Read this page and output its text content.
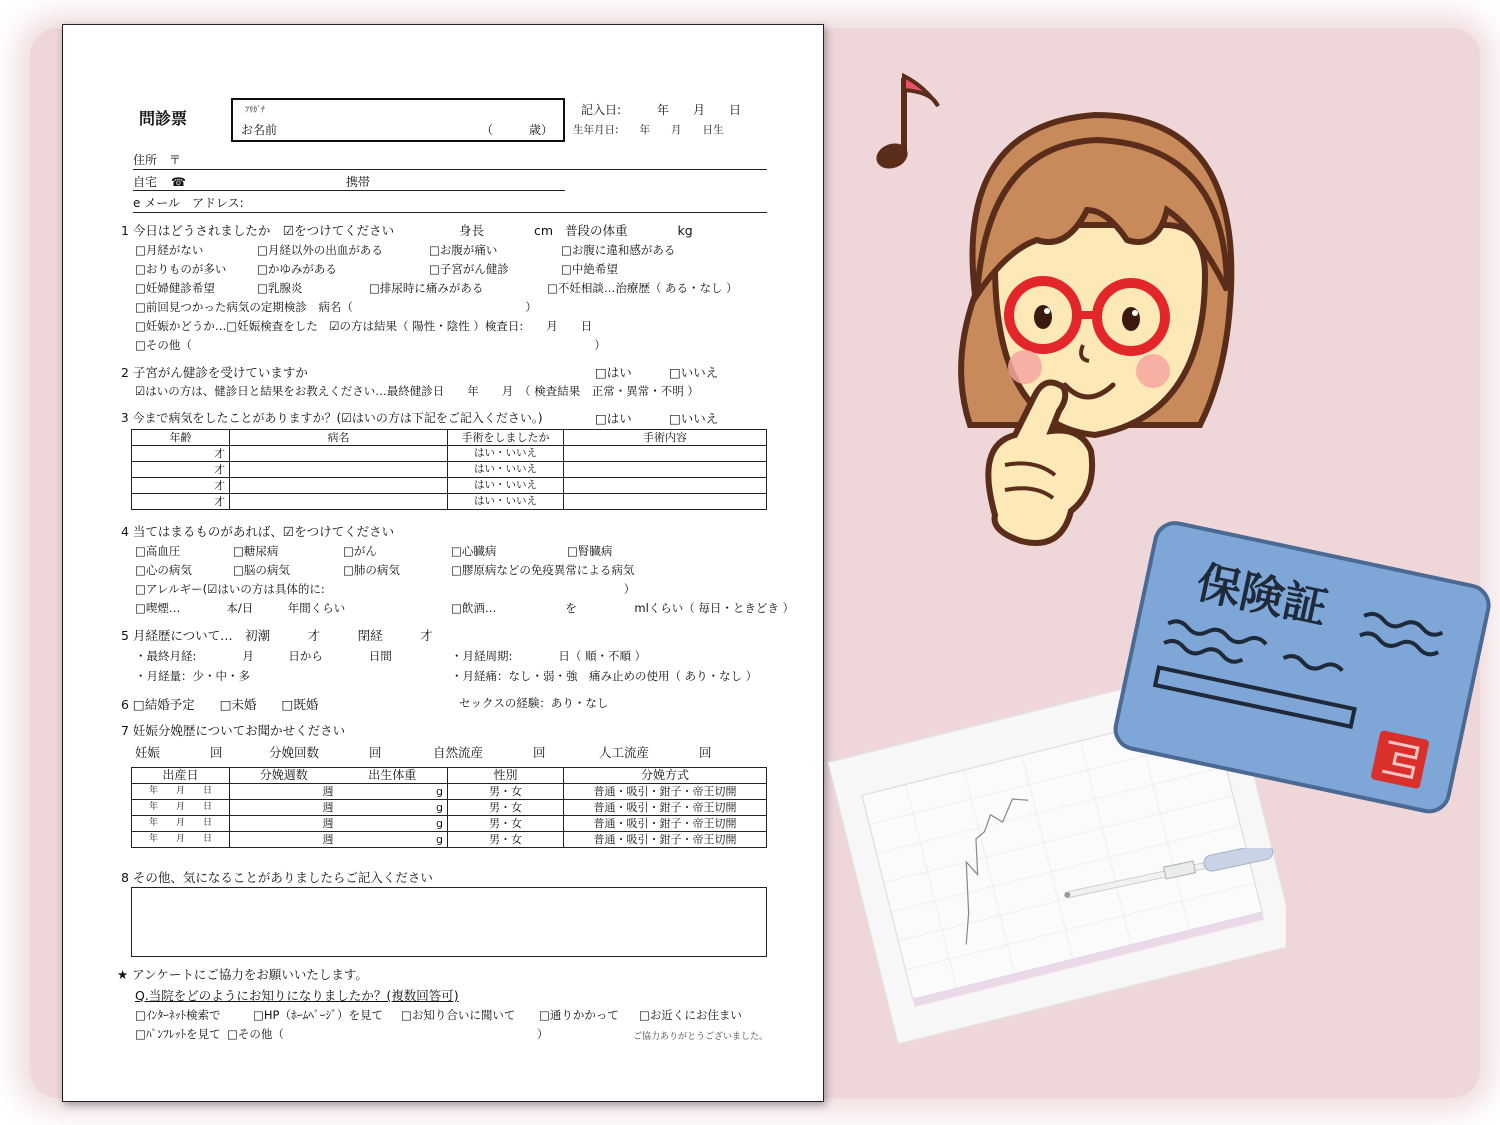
問診票	ﾌﾘｶﾞﾅ
お名前	（　　　歳）
記入日:　　　年　　月　　日
生年月日:　　年　　月　　日生
住所　〒
自宅 ☎	携帯
e メール　アドレス:
1 今日はどうされましたか　☑をつけてください	身長　　　　cm 普段の体重　　　　kg
□月経がない	□月経以外の出血がある	□お腹が痛い	□お腹に違和感がある
□おりものが多い	□かゆみがある	□子宮がん健診	□中絶希望
□妊婦健診希望	□乳腺炎	□排尿時に痛みがある	□不妊相談…治療歴（ ある・なし ）
□前回見つかった病気の定期検診　病名（　　　　　　　　　　　　　　　）
□妊娠かどうか…□妊娠検査をした　☑の方は結果（ 陽性・陰性 ）検査日:　　月　　日
□その他（　　　　　　　　　　　　　　　　　　　　　　　　　　　　　　　　　　　）
2 子宮がん健診を受けていますか	□はい	□いいえ
☑はいの方は、健診日と結果をお教えください…最終健診日　　年　　月　（ 検査結果　正常・異常・不明 ）
3 今まで病気をしたことがありますか？(☑はいの方は下記をご記入ください。)	□はい	□いいえ
年齢	病名	手術をしましたか	手術内容
才		はい・いいえ	
才		はい・いいえ	
才		はい・いいえ	
才		はい・いいえ	
4 当てはまるものがあれば、☑をつけてください
□高血圧	□糖尿病	□がん	□心臓病	□腎臓病
□心の病気	□脳の病気	□肺の病気	□膠原病などの免疫異常による病気
□アレルギー(☑はいの方は具体的に:　　　　　　　　　　　　　　　　　　　　　　　　　　）
□喫煙…　　　　本/日　　　年間くらい	□飲酒…　　　　　　を　　　　　mlくらい（ 毎日・ときどき ）
5 月経歴について…　初潮　　　才　　　閉経　　　才
・最終月経:　　　　月　　　日から　　　　日間	・月経周期:　　　　日（ 順・不順 ）
・月経量：少・中・多	・月経痛：なし・弱・強　痛み止めの使用（ あり・なし ）
6 □結婚予定　　□未婚　　□既婚	セックスの経験：あり・なし
7 妊娠分娩歴についてお聞かせください
妊娠　　　　回	分娩回数　　　　回	自然流産　　　　回	人工流産　　　　回
出産日	分娩週数	出生体重	性別	分娩方式
年　　月　　日	週	g	男・女	普通・吸引・鉗子・帝王切開
年　　月　　日	週	g	男・女	普通・吸引・鉗子・帝王切開
年　　月　　日	週	g	男・女	普通・吸引・鉗子・帝王切開
年　　月　　日	週	g	男・女	普通・吸引・鉗子・帝王切開
8 その他、気になることがありましたらご記入ください
★ アンケートにご協力をお願いいたします。
Q.当院をどのようにお知りになりましたか？(複数回答可)
□ｲﾝﾀｰﾈｯﾄ検索で	□HP（ﾎｰﾑﾍﾟｰｼﾞ）を見て □お知り合いに聞いて □通りかかって □お近くにお住まい
□ﾊﾟﾝﾌﾚｯﾄを見て □その他（　　　　　　　　　　　　　　　　　　　　　　）	ご協力ありがとうございました。
保険証
